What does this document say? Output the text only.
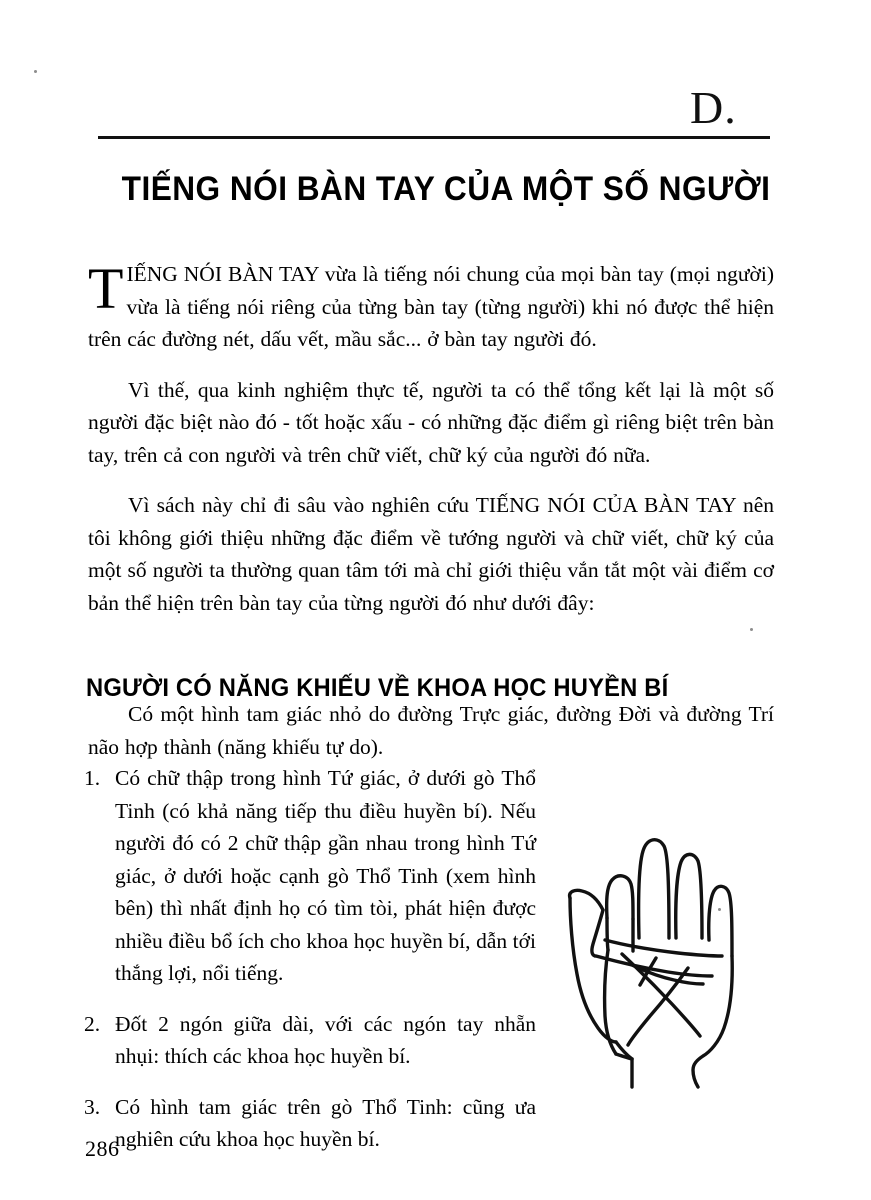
D.
TIẾNG NÓI BÀN TAY CỦA MỘT SỐ NGƯỜI

TIẾNG NÓI BÀN TAY vừa là tiếng nói chung của mọi bàn tay (mọi người) vừa là tiếng nói riêng của từng bàn tay (từng người) khi nó được thể hiện trên các đường nét, dấu vết, mầu sắc... ở bàn tay người đó.

Vì thế, qua kinh nghiệm thực tế, người ta có thể tổng kết lại là một số người đặc biệt nào đó - tốt hoặc xấu - có những đặc điểm gì riêng biệt trên bàn tay, trên cả con người và trên chữ viết, chữ ký của người đó nữa.

Vì sách này chỉ đi sâu vào nghiên cứu TIẾNG NÓI CỦA BÀN TAY nên tôi không giới thiệu những đặc điểm về tướng người và chữ viết, chữ ký của một số người ta thường quan tâm tới mà chỉ giới thiệu vắn tắt một vài điểm cơ bản thể hiện trên bàn tay của từng người đó như dưới đây:

NGƯỜI CÓ NĂNG KHIẾU VỀ KHOA HỌC HUYỀN BÍ

Có một hình tam giác nhỏ do đường Trực giác, đường Đời và đường Trí não hợp thành (năng khiếu tự do).

1. Có chữ thập trong hình Tứ giác, ở dưới gò Thổ Tinh (có khả năng tiếp thu điều huyền bí). Nếu người đó có 2 chữ thập gần nhau trong hình Tứ giác, ở dưới hoặc cạnh gò Thổ Tinh (xem hình bên) thì nhất định họ có tìm tòi, phát hiện được nhiều điều bổ ích cho khoa học huyền bí, dẫn tới thắng lợi, nổi tiếng.
2. Đốt 2 ngón giữa dài, với các ngón tay nhẵn nhụi: thích các khoa học huyền bí.
3. Có hình tam giác trên gò Thổ Tinh: cũng ưa nghiên cứu khoa học huyền bí.
286
